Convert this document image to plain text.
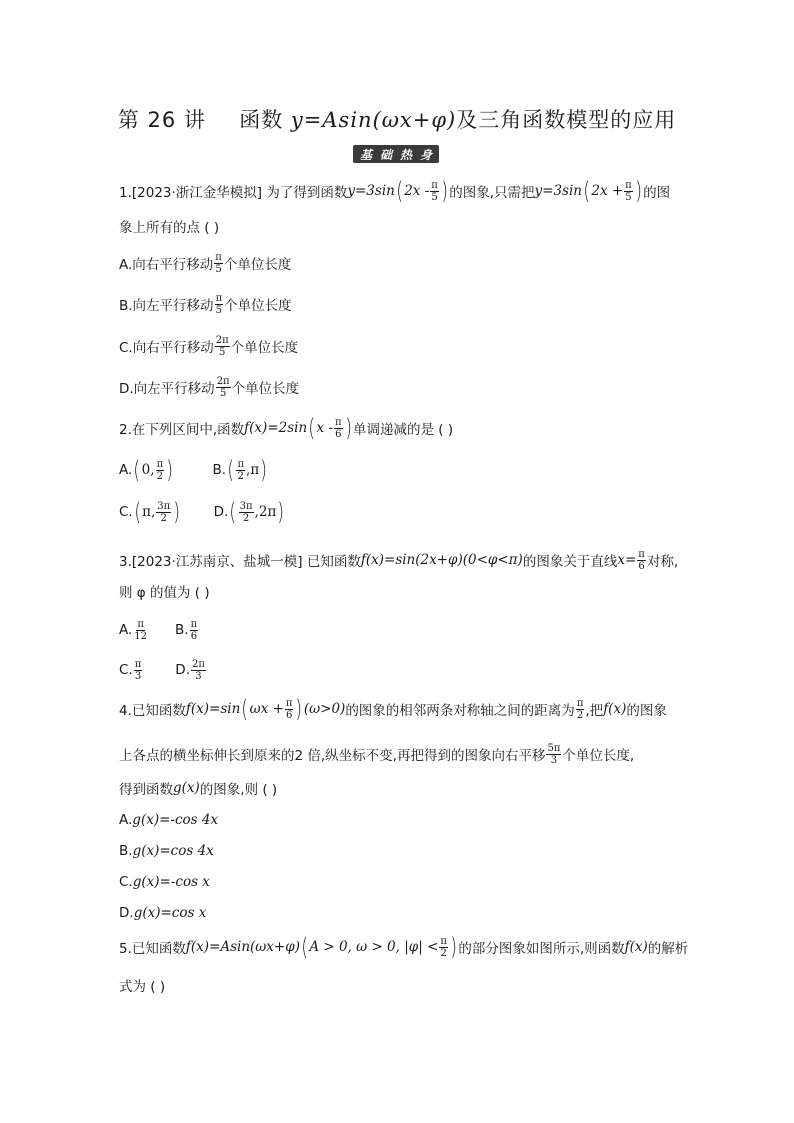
第 26 讲 函数 y=Asin(ωx+φ)及三角函数模型的应用
基 础 热 身
1.[2023·浙江金华模拟] 为了得到函数 y=3sin ( $2x - \frac{\pi}{5}$ ) 的图象,只需把 y=3sin ( $2x + \frac{\pi}{5}$ ) 的图
象上所有的点 ( )
A.向右平行移动 $\frac{\pi}{5}$ 个单位长度
B.向左平行移动 $\frac{\pi}{5}$ 个单位长度
C.向右平行移动 $\frac{2\pi}{5}$ 个单位长度
D.向左平行移动 $\frac{2\pi}{5}$ 个单位长度
2.在下列区间中,函数 f(x)=2sin ( x - $\frac{\pi}{6}$ ) 单调递减的是 ( )
A. ( 0, $\frac{\pi}{2}$ )	B. ( $\frac{\pi}{2} ,\pi$ )
C. ( π, $\frac{3\pi}{2}$ ) D. ( $\frac{3\pi}{2} ,2\pi$ )
3.[2023·江苏南京、盐城一模] 已知函数 f(x)=sin(2x+φ)(0<φ<π) 的图象关于直线 $x= \frac{\pi}{6}$ 对称,
则 φ 的值为 ( )
A. $\frac{\pi}{12} B$. $\frac{\pi}{6}$
C. $\frac{\pi}{3} D$. $\frac{2\pi}{3}$
4.已知函数 f(x)=sin ( $\omega x + \frac{\pi}{6}$ ) (ω>0) 的图象的相邻两条对称轴之间的距离为 $\frac{\pi}{2}$ ,把 f(x) 的图象
上各点的横坐标伸长到原来的2 倍,纵坐标不变,再把得到的图象向右平移 $\frac{5\pi}{3}$ 个单位长度,
得到函数 g(x) 的图象,则 ( )
A. g(x)=-cos 4x
B. g(x)=cos 4x
C. g(x)=-cos x
D. g(x)=cos x
5.已知函数 f(x)=Asin(ωx+φ) ( A > 0, ω > 0, $|\varphi| < \frac{\pi}{2}$ ) 的部分图象如图所示,则函数 f(x) 的解析
式为 ( )
